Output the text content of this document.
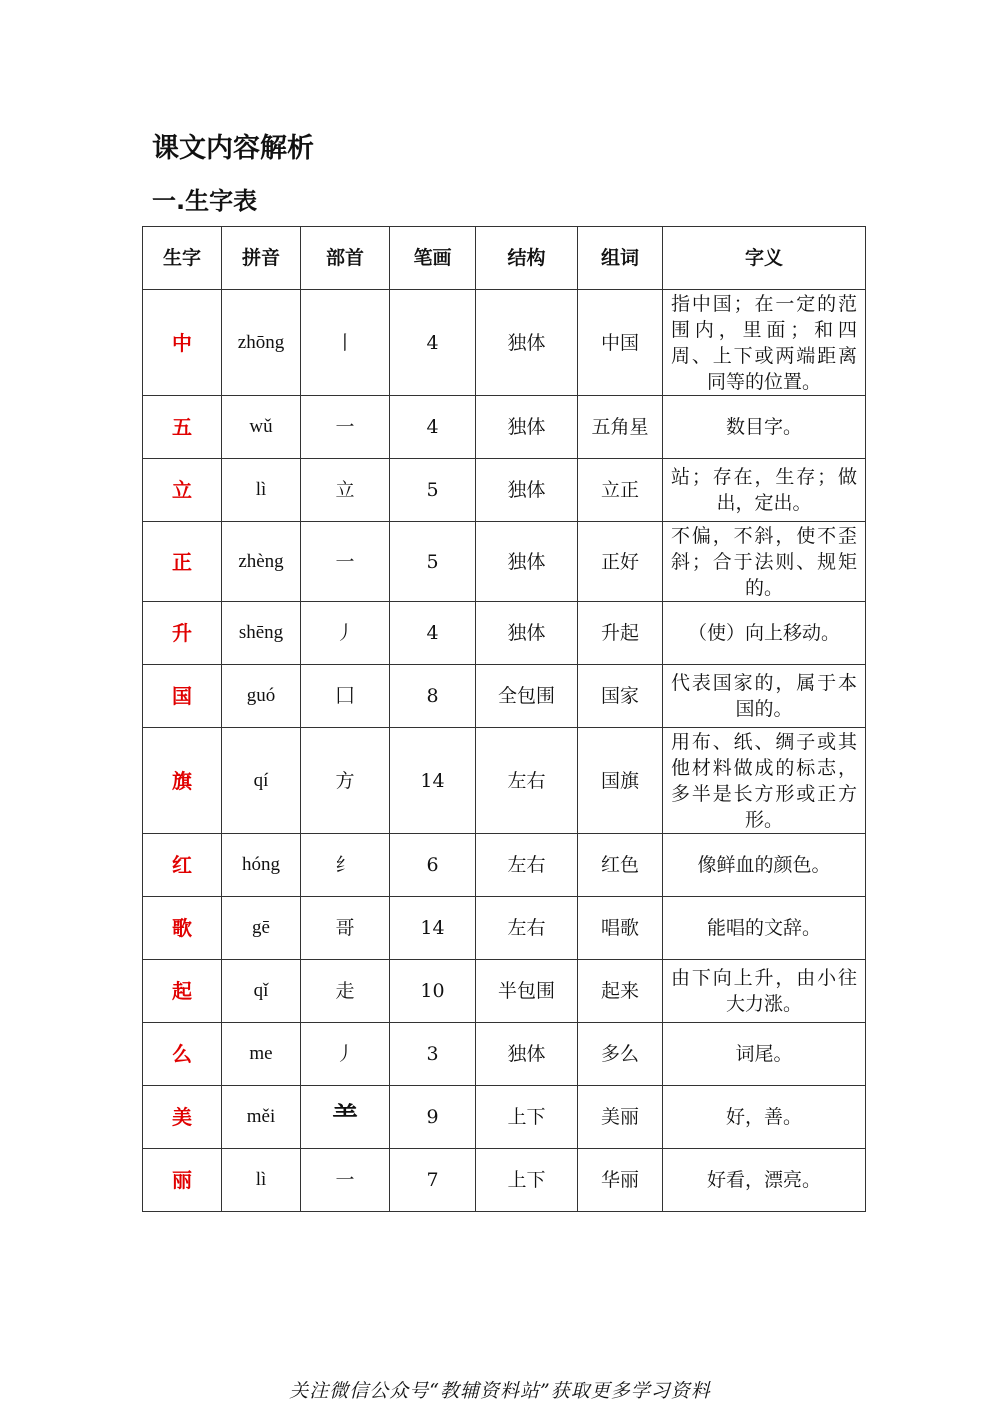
课文内容解析
一.生字表
生字	拼音	部首	笔画	结构	组词	字义
中	zhōng	丨	4	独体	中国	指中国；在一定的范围内，里面；和四周、上下或两端距离同等的位置。
五	wǔ	一	4	独体	五角星	数目字。
立	lì	立	5	独体	立正	站；存在，生存；做出，定出。
正	zhèng	一	5	独体	正好	不偏，不斜，使不歪斜；合于法则、规矩的。
升	shēng	丿	4	独体	升起	（使）向上移动。
国	guó	囗	8	全包围	国家	代表国家的，属于本国的。
旗	qí	方	14	左右	国旗	用布、纸、绸子或其他材料做成的标志，多半是长方形或正方形。
红	hóng	纟	6	左右	红色	像鲜血的颜色。
歌	gē	哥	14	左右	唱歌	能唱的文辞。
起	qǐ	走	10	半包围	起来	由下向上升，由小往大力涨。
么	me	丿	3	独体	多么	词尾。
美	měi	⺷	9	上下	美丽	好，善。
丽	lì	一	7	上下	华丽	好看，漂亮。
关注微信公众号“教辅资料站”获取更多学习资料
